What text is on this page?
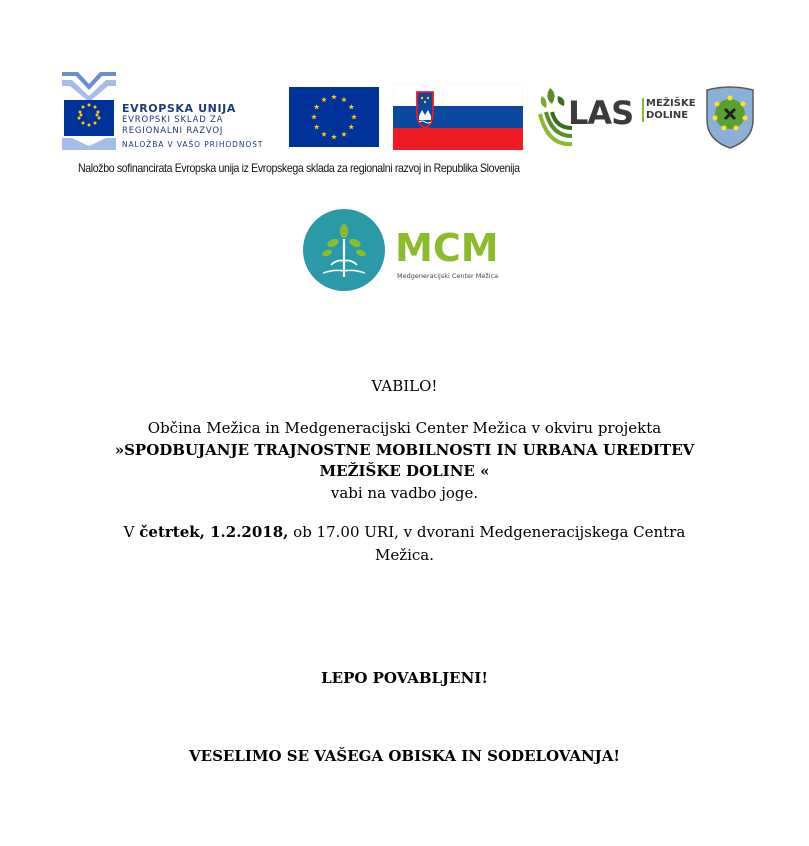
EVROPSKA UNIJA
EVROPSKI SKLAD ZA
REGIONALNI RAZVOJ
NALOŽBA V VAŠO PRIHODNOST
LAS MEŽIŠKE
DOLINE
Naložbo sofinancirata Evropska unija iz Evropskega sklada za regionalni razvoj in Republika Slovenija
MCM
Medgeneracijski Center Mežica
VABILO!
Občina Mežica in Medgeneracijski Center Mežica v okviru projekta
»SPODBUJANJE TRAJNOSTNE MOBILNOSTI IN URBANA UREDITEV
MEŽIŠKE DOLINE «
vabi na vadbo joge.
V četrtek, 1.2.2018, ob 17.00 URI, v dvorani Medgeneracijskega Centra
Mežica.
LEPO POVABLJENI!
VESELIMO SE VAŠEGA OBISKA IN SODELOVANJA!
